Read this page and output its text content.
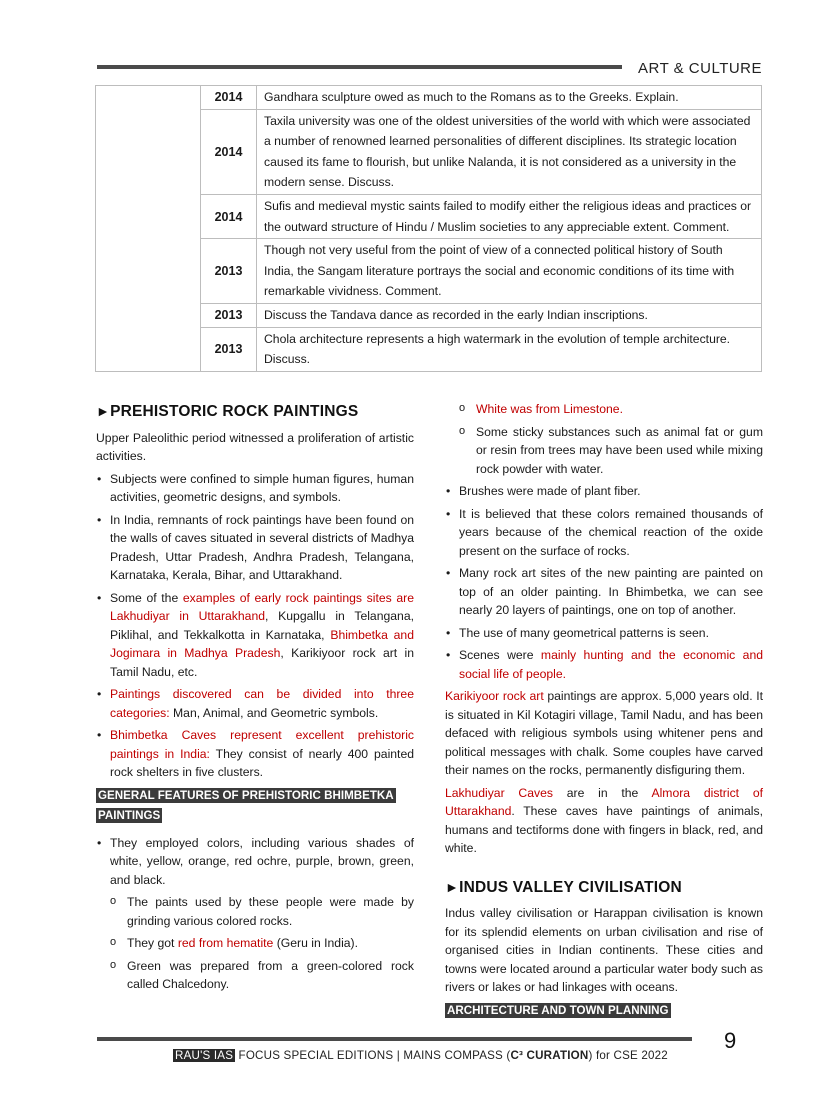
ART & CULTURE
	2014	Gandhara sculpture owed as much to the Romans as to the Greeks. Explain.
	2014	Taxila university was one of the oldest universities of the world with which were associated a number of renowned learned personalities of different disciplines. Its strategic location caused its fame to flourish, but unlike Nalanda, it is not considered as a university in the modern sense. Discuss.
	2014	Sufis and medieval mystic saints failed to modify either the religious ideas and practices or the outward structure of Hindu / Muslim societies to any appreciable extent. Comment.
	2013	Though not very useful from the point of view of a connected political history of South India, the Sangam literature portrays the social and economic conditions of its time with remarkable vividness. Comment.
	2013	Discuss the Tandava dance as recorded in the early Indian inscriptions.
	2013	Chola architecture represents a high watermark in the evolution of temple architecture. Discuss.
►PREHISTORIC ROCK PAINTINGS

Upper Paleolithic period witnessed a proliferation of artistic activities.

• Subjects were confined to simple human figures, human activities, geometric designs, and symbols.
• In India, remnants of rock paintings have been found on the walls of caves situated in several districts of Madhya Pradesh, Uttar Pradesh, Andhra Pradesh, Telangana, Karnataka, Kerala, Bihar, and Uttarakhand.
• Some of the examples of early rock paintings sites are Lakhudiyar in Uttarakhand, Kupgallu in Telangana, Piklihal, and Tekkalkotta in Karnataka, Bhimbetka and Jogimara in Madhya Pradesh, Karikiyoor rock art in Tamil Nadu, etc.
• Paintings discovered can be divided into three categories: Man, Animal, and Geometric symbols.
• Bhimbetka Caves represent excellent prehistoric paintings in India: They consist of nearly 400 painted rock shelters in five clusters.
GENERAL FEATURES OF PREHISTORIC BHIMBETKA PAINTINGS
• They employed colors, including various shades of white, yellow, orange, red ochre, purple, brown, green, and black.
o The paints used by these people were made by grinding various colored rocks.
o They got red from hematite (Geru in India).
o Green was prepared from a green-colored rock called Chalcedony.
o White was from Limestone.
o Some sticky substances such as animal fat or gum or resin from trees may have been used while mixing rock powder with water.
• Brushes were made of plant fiber.
• It is believed that these colors remained thousands of years because of the chemical reaction of the oxide present on the surface of rocks.
• Many rock art sites of the new painting are painted on top of an older painting. In Bhimbetka, we can see nearly 20 layers of paintings, one on top of another.
• The use of many geometrical patterns is seen.
• Scenes were mainly hunting and the economic and social life of people.

Karikiyoor rock art paintings are approx. 5,000 years old. It is situated in Kil Kotagiri village, Tamil Nadu, and has been defaced with religious symbols using whitener pens and political messages with chalk. Some couples have carved their names on the rocks, permanently disfiguring them.

Lakhudiyar Caves are in the Almora district of Uttarakhand. These caves have paintings of animals, humans and tectiforms done with fingers in black, red, and white.

►INDUS VALLEY CIVILISATION

Indus valley civilisation or Harappan civilisation is known for its splendid elements on urban civilisation and rise of organised cities in Indian continents. These cities and towns were located around a particular water body such as rivers or lakes or had linkages with oceans.

ARCHITECTURE AND TOWN PLANNING
RAU'S IAS FOCUS SPECIAL EDITIONS | MAINS COMPASS (C³ CURATION) for CSE 2022
9
